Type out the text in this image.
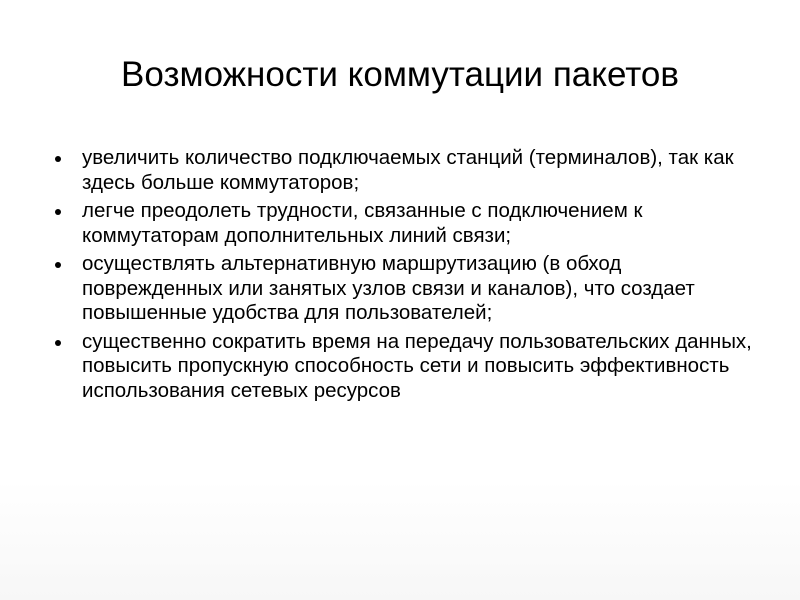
Возможности коммутации пакетов
увеличить количество подключаемых станций (терминалов), так как здесь больше коммутаторов;
легче преодолеть трудности, связанные с подключением к коммутаторам дополнительных линий связи;
осуществлять альтернативную маршрутизацию (в обход поврежденных или занятых узлов связи и каналов), что создает повышенные удобства для пользователей;
существенно сократить время на передачу пользовательских данных, повысить пропускную способность сети и повысить эффективность использования сетевых ресурсов
